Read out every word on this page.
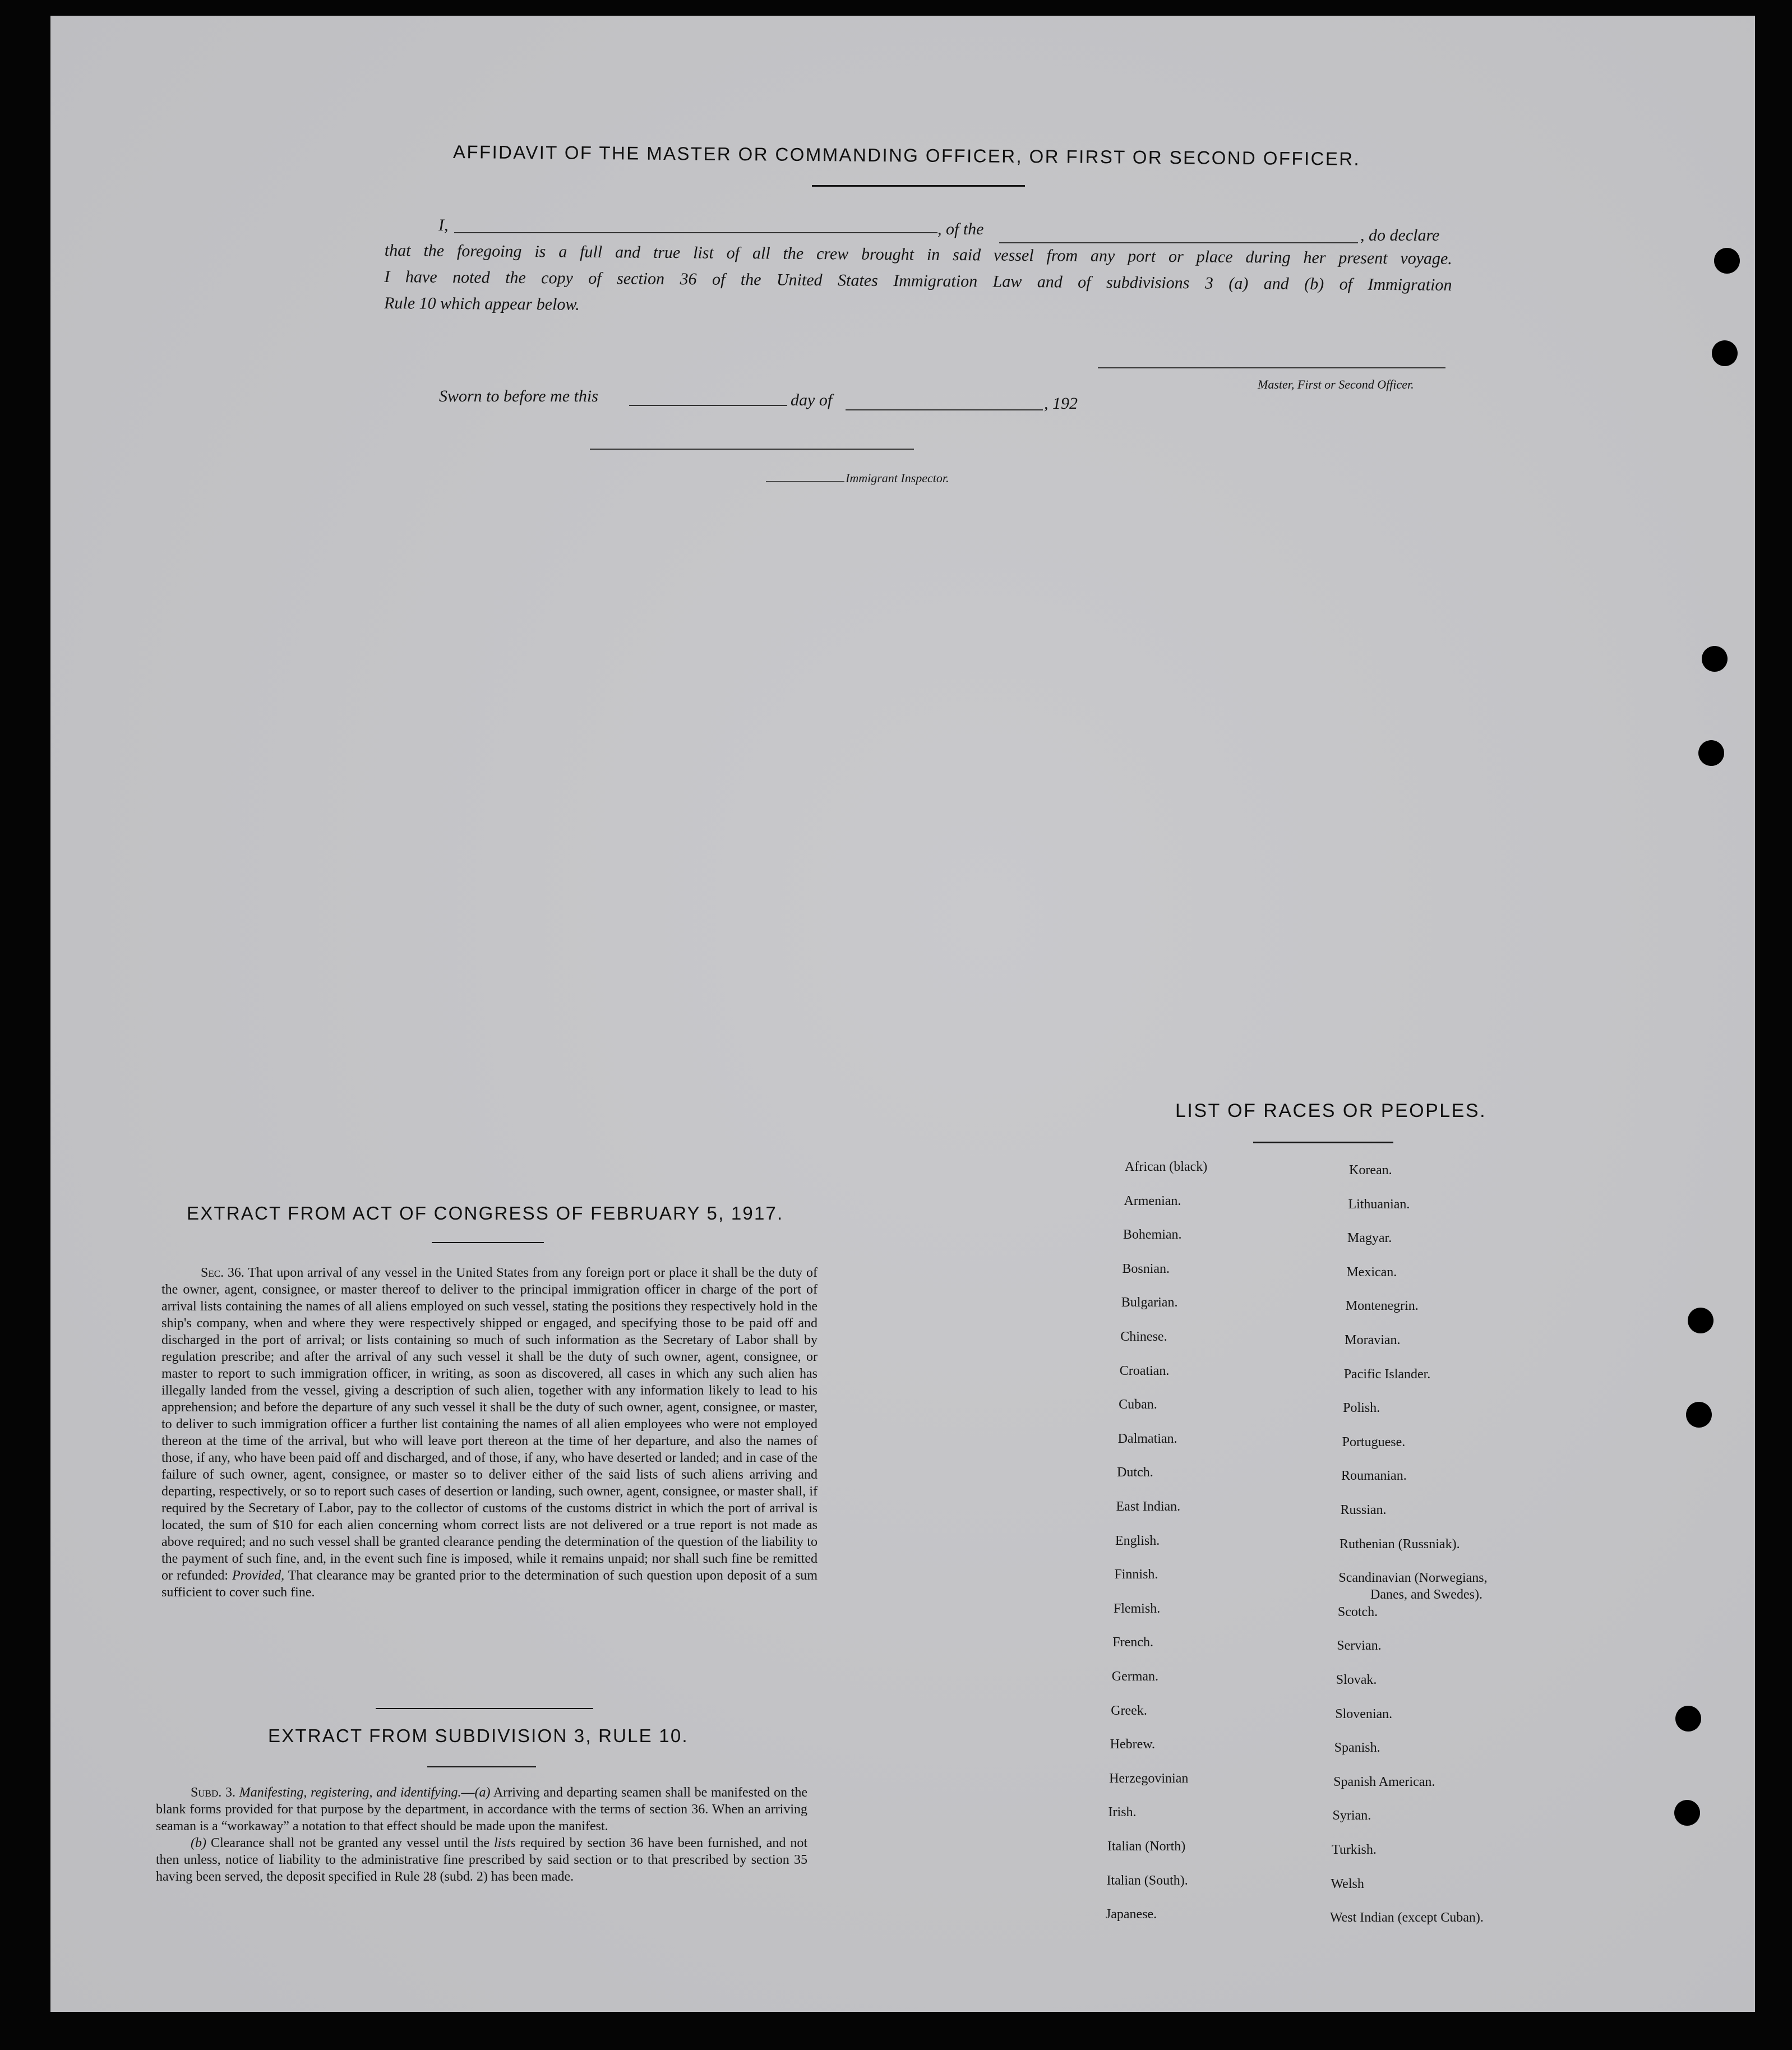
AFFIDAVIT OF THE MASTER OR COMMANDING OFFICER, OR FIRST OR SECOND OFFICER.
I,	, of the	, do declare
that the foregoing is a full and true list of all the crew brought in said vessel from any port or place during her present voyage.
I have noted the copy of section 36 of the United States Immigration Law and of subdivisions 3 (a) and (b) of Immigration
Rule 10 which appear below.
Master, First or Second Officer.
Sworn to before me this	day of	, 192
Immigrant Inspector.
EXTRACT FROM ACT OF CONGRESS OF FEBRUARY 5, 1917.
Sec. 36. That upon arrival of any vessel in the United States from any foreign port or place it shall be the duty of the owner, agent, consignee, or master thereof to deliver to the principal immigration officer in charge of the port of arrival lists containing the names of all aliens employed on such vessel, stating the positions they respectively hold in the ship's company, when and where they were respectively shipped or engaged, and specifying those to be paid off and discharged in the port of arrival; or lists containing so much of such information as the Secretary of Labor shall by regulation prescribe; and after the arrival of any such vessel it shall be the duty of such owner, agent, consignee, or master to report to such immigration officer, in writing, as soon as discovered, all cases in which any such alien has illegally landed from the vessel, giving a description of such alien, together with any information likely to lead to his apprehension; and before the departure of any such vessel it shall be the duty of such owner, agent, consignee, or master, to deliver to such immigration officer a further list containing the names of all alien employees who were not employed thereon at the time of the arrival, but who will leave port thereon at the time of her departure, and also the names of those, if any, who have been paid off and discharged, and of those, if any, who have deserted or landed; and in case of the failure of such owner, agent, consignee, or master so to deliver either of the said lists of such aliens arriving and departing, respectively, or so to report such cases of desertion or landing, such owner, agent, consignee, or master shall, if required by the Secretary of Labor, pay to the collector of customs of the customs district in which the port of arrival is located, the sum of $10 for each alien concerning whom correct lists are not delivered or a true report is not made as above required; and no such vessel shall be granted clearance pending the determination of the question of the liability to the payment of such fine, and, in the event such fine is imposed, while it remains unpaid; nor shall such fine be remitted or refunded: Provided, That clearance may be granted prior to the determination of such question upon deposit of a sum sufficient to cover such fine.
EXTRACT FROM SUBDIVISION 3, RULE 10.
Subd. 3. Manifesting, registering, and identifying.—(a) Arriving and departing seamen shall be manifested on the blank forms provided for that purpose by the department, in accordance with the terms of section 36. When an arriving seaman is a “workaway” a notation to that effect should be made upon the manifest.
(b) Clearance shall not be granted any vessel until the lists required by section 36 have been furnished, and not then unless, notice of liability to the administrative fine prescribed by said section or to that prescribed by section 35 having been served, the deposit specified in Rule 28 (subd. 2) has been made.
LIST OF RACES OR PEOPLES.
African (black)
Armenian.
Bohemian.
Bosnian.
Bulgarian.
Chinese.
Croatian.
Cuban.
Dalmatian.
Dutch.
East Indian.
English.
Finnish.
Flemish.
French.
German.
Greek.
Hebrew.
Herzegovinian
Irish.
Italian (North)
Italian (South).
Japanese.
Korean.
Lithuanian.
Magyar.
Mexican.
Montenegrin.
Moravian.
Pacific Islander.
Polish.
Portuguese.
Roumanian.
Russian.
Ruthenian (Russniak).
Scandinavian (Norwegians,
Scotch.
Servian.
Slovak.
Slovenian.
Spanish.
Spanish American.
Syrian.
Turkish.
Welsh
West Indian (except Cuban).
Danes, and Swedes).
